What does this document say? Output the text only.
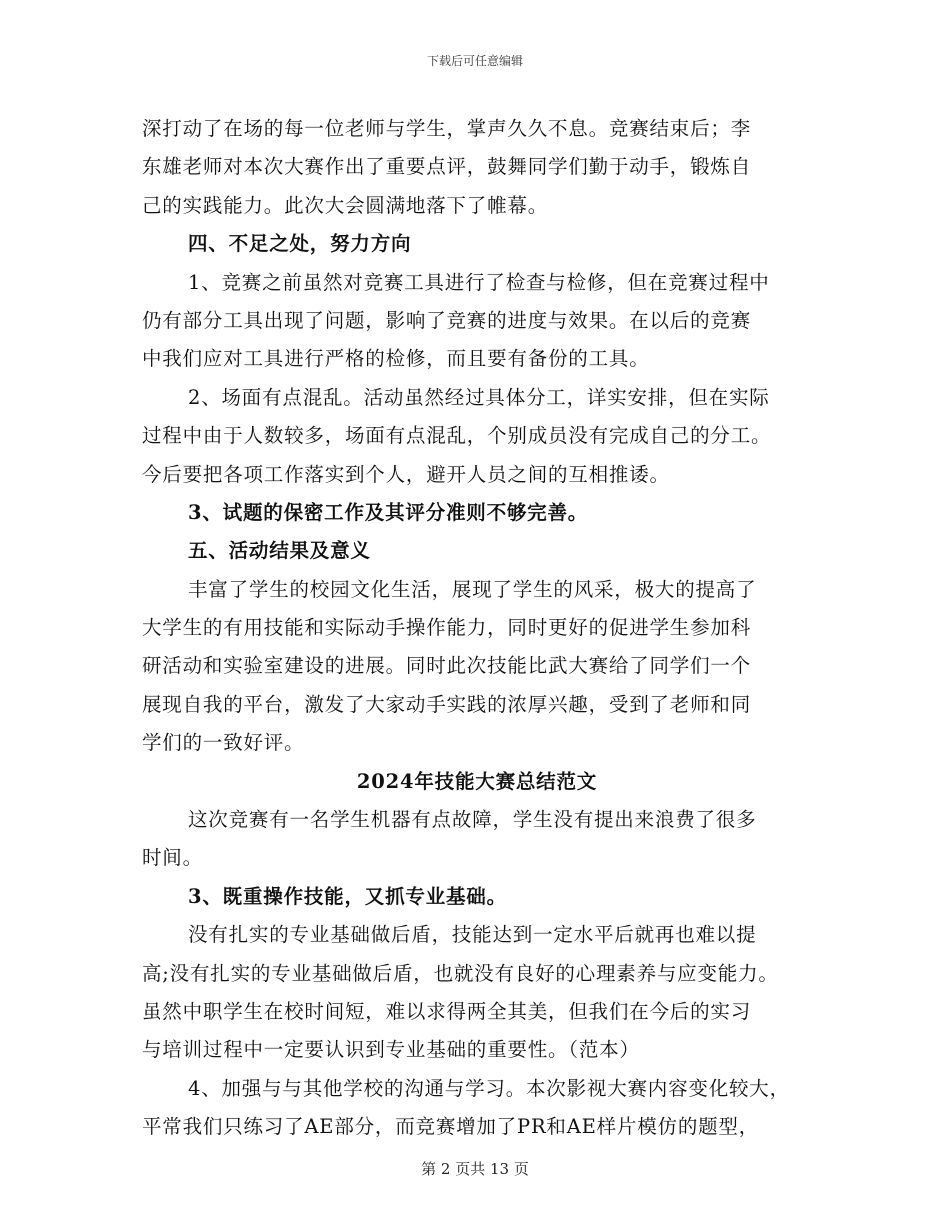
下载后可任意编辑
深打动了在场的每一位老师与学生，掌声久久不息。竞赛结束后；李
东雄老师对本次大赛作出了重要点评，鼓舞同学们勤于动手，锻炼自
己的实践能力。此次大会圆满地落下了帷幕。
四、不足之处，努力方向
1、竞赛之前虽然对竞赛工具进行了检查与检修，但在竞赛过程中
仍有部分工具出现了问题，影响了竞赛的进度与效果。在以后的竞赛
中我们应对工具进行严格的检修，而且要有备份的工具。
2、场面有点混乱。活动虽然经过具体分工，详实安排，但在实际
过程中由于人数较多，场面有点混乱，个别成员没有完成自己的分工。
今后要把各项工作落实到个人，避开人员之间的互相推诿。
3、试题的保密工作及其评分准则不够完善。
五、活动结果及意义
丰富了学生的校园文化生活，展现了学生的风采，极大的提高了
大学生的有用技能和实际动手操作能力，同时更好的促进学生参加科
研活动和实验室建设的进展。同时此次技能比武大赛给了同学们一个
展现自我的平台，激发了大家动手实践的浓厚兴趣，受到了老师和同
学们的一致好评。
2024年技能大赛总结范文
这次竞赛有一名学生机器有点故障，学生没有提出来浪费了很多
时间。
3、既重操作技能，又抓专业基础。
没有扎实的专业基础做后盾，技能达到一定水平后就再也难以提
高;没有扎实的专业基础做后盾，也就没有良好的心理素养与应变能力。
虽然中职学生在校时间短，难以求得两全其美，但我们在今后的实习
与培训过程中一定要认识到专业基础的重要性。（范本）
4、加强与与其他学校的沟通与学习。本次影视大赛内容变化较大，
平常我们只练习了AE部分，而竞赛增加了PR和AE样片模仿的题型，
第 2 页共 13 页
